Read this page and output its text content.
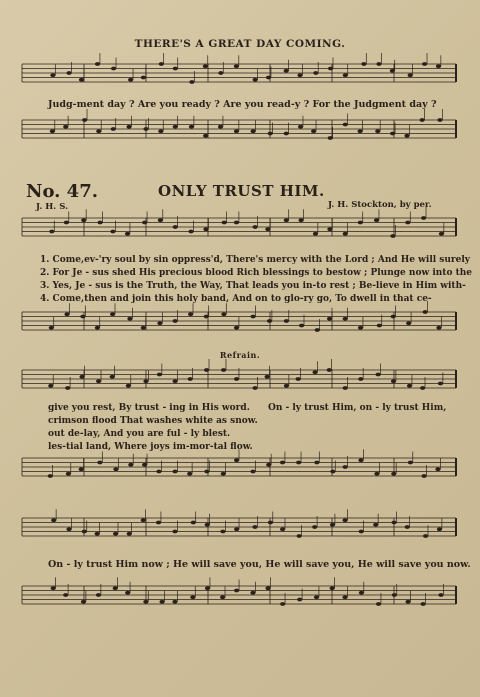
THERE'S A GREAT DAY COMING.
Judg-ment day ? Are you ready ? Are you read-y ? For the Judgment day ?
No. 47.	ONLY TRUST HIM.
J. H. S.	J. H. Stockton, by per.
1. Come,ev-'ry soul by sin oppress'd, There's mercy with the Lord ; And He will surely
2. For Je - sus shed His precious blood Rich blessings to bestow ; Plunge now into the
3. Yes, Je - sus is the Truth, the Way, That leads you in-to rest ; Be-lieve in Him with-
4. Come,then and join this holy band, And on to glo-ry go, To dwell in that ce-
Refrain.
give you rest, By trust - ing in His word.
crimson flood That washes white as snow.
out de-lay, And you are ful - ly blest.
les-tial land, Where joys im-mor-tal flow.
On - ly trust Him, on - ly trust Him,
On - ly trust Him now ; He will save you, He will save you, He will save you now.
